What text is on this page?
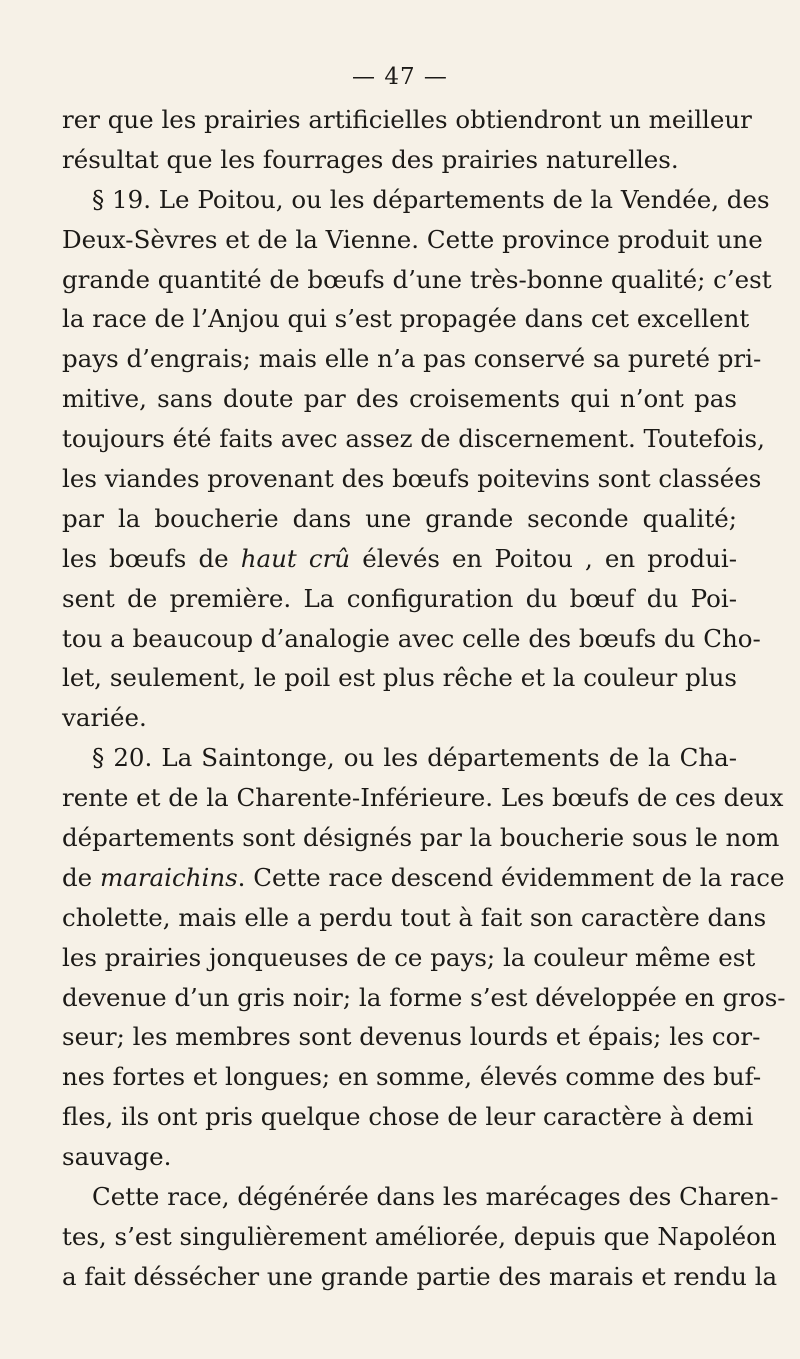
— 47 —
rer que les prairies artificielles obtiendront un meilleur
résultat que les fourrages des prairies naturelles.
§ 19. Le Poitou, ou les départements de la Vendée, des
Deux-Sèvres et de la Vienne. Cette province produit une
grande quantité de bœufs d’une très-bonne qualité; c’est
la race de l’Anjou qui s’est propagée dans cet excellent
pays d’engrais; mais elle n’a pas conservé sa pureté pri-
mitive, sans doute par des croisements qui n’ont pas
toujours été faits avec assez de discernement. Toutefois,
les viandes provenant des bœufs poitevins sont classées
par la boucherie dans une grande seconde qualité;
les bœufs de haut crû élevés en Poitou , en produi-
sent de première. La configuration du bœuf du Poi-
tou a beaucoup d’analogie avec celle des bœufs du Cho-
let, seulement, le poil est plus rêche et la couleur plus
variée.
§ 20. La Saintonge, ou les départements de la Cha-
rente et de la Charente-Inférieure. Les bœufs de ces deux
départements sont désignés par la boucherie sous le nom
de maraichins. Cette race descend évidemment de la race
cholette, mais elle a perdu tout à fait son caractère dans
les prairies jonqueuses de ce pays; la couleur même est
devenue d’un gris noir; la forme s’est développée en gros-
seur; les membres sont devenus lourds et épais; les cor-
nes fortes et longues; en somme, élevés comme des buf-
fles, ils ont pris quelque chose de leur caractère à demi
sauvage.
Cette race, dégénérée dans les marécages des Charen-
tes, s’est singulièrement améliorée, depuis que Napoléon
a fait déssécher une grande partie des marais et rendu la
